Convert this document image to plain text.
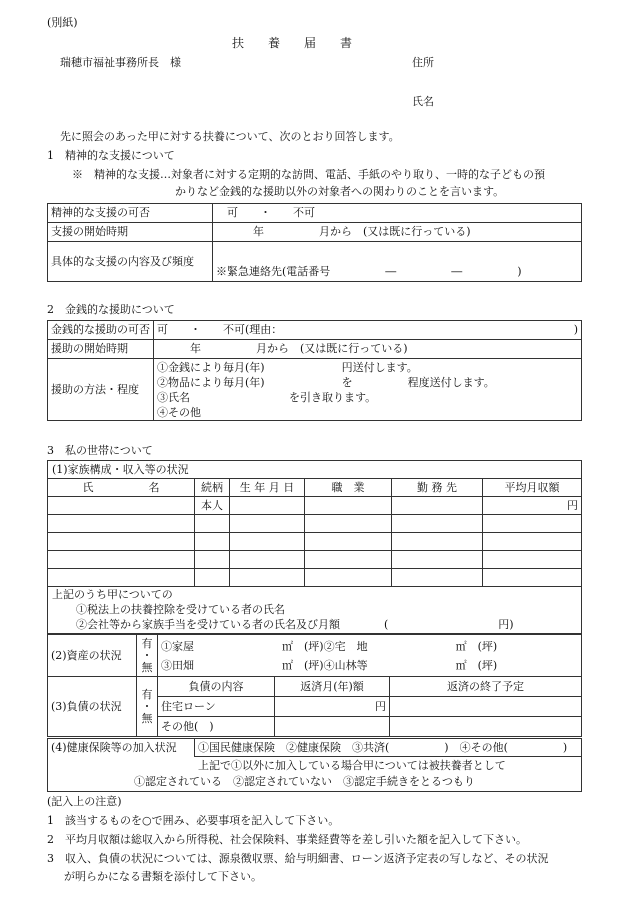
(別紙)
扶　　養　　届　　書
瑞穂市福祉事務所長　様	住所
氏名
先に照会のあった甲に対する扶養について、次のとおり回答します。
1　精神的な支援について
※　精神的な支援…対象者に対する定期的な訪問、電話、手紙のやり取り、一時的な子どもの預
かりなど金銭的な援助以外の対象者への関わりのことを言います。
精神的な支援の可否	可　　・　　不可
支援の開始時期	年　　　　　月から　(又は既に行っている)
具体的な支援の内容及び頻度	※緊急連絡先(電話番号　　　　　―　　　　　―　　　　　)
2　金銭的な援助について
金銭的な援助の可否	可　　・　　不可(理由：　　　　　　　　　　　　　　　　　　　　　　　　　　　)
援助の開始時期	年　　　　　月から　(又は既に行っている)
援助の方法・程度	①金銭により毎月(年)　　　　　　　円送付します。
②物品により毎月(年)　　　　　　　を　　　　　程度送付します。
③氏名　　　　　　　　　を引き取ります。
④その他
3　私の世帯について
(1)家族構成・収入等の状況
氏　　　　　名	続柄	生 年 月 日	職　業	勤 務 先	平均月収額
	本人				円

上記のうち甲についての
①税法上の扶養控除を受けている者の氏名
②会社等から家族手当を受けている者の氏名及び月額　　　　(　　　　　　　　　　円)
(2)資産の状況	
有
・
無

①家屋　　　　　　　　㎡　(坪)②宅　地　　　　　　　　㎡　(坪)
③田畑　　　　　　　　㎡　(坪)④山林等　　　　　　　　㎡　(坪)
(3)負債の状況	有
・
無	負債の内容	返済月(年)額	返済の終了予定
		住宅ローン	円	
		その他(　)		
(4)健康保険等の加入状況	①国民健康保険　②健康保険　③共済(　　　　　)　④その他(　　　　　)
上記で①以外に加入している場合甲については被扶養者として
①認定されている　②認定されていない　③認定手続きをとるつもり
(記入上の注意)
1　該当するものを○で囲み、必要事項を記入して下さい。
2　平均月収額は総収入から所得税、社会保険料、事業経費等を差し引いた額を記入して下さい。
3　収入、負債の状況については、源泉徴収票、給与明細書、ローン返済予定表の写しなど、その状況
が明らかになる書類を添付して下さい。
